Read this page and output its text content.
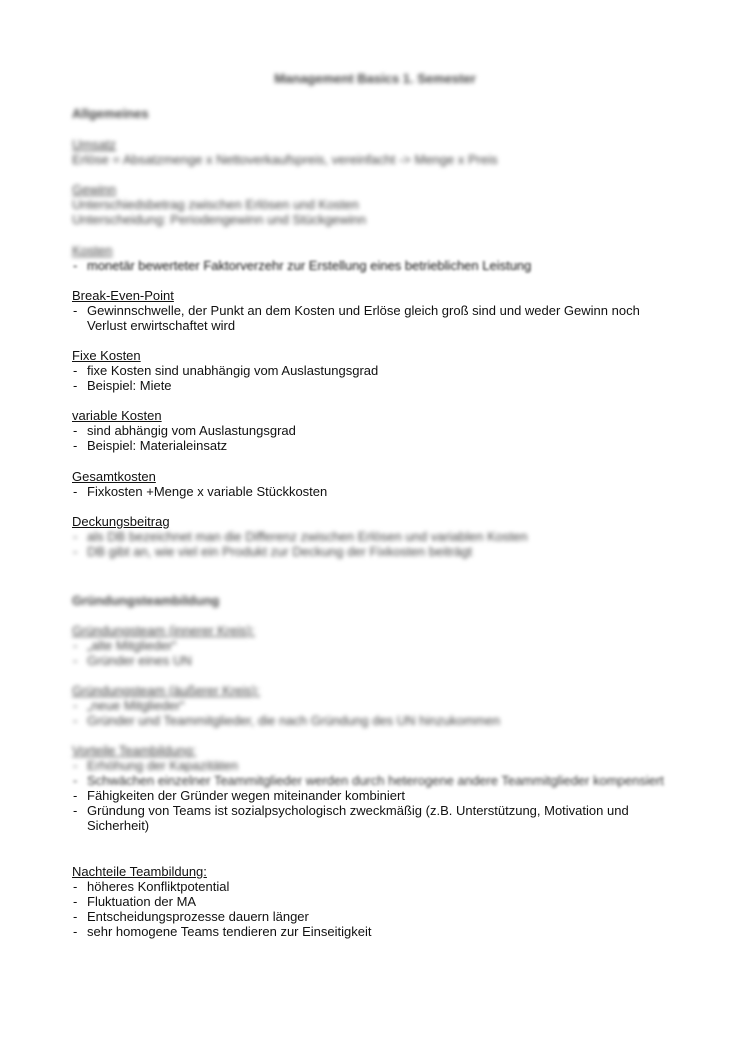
Management Basics 1. Semester
Allgemeines
Umsatz
Erlöse = Absatzmenge x Nettoverkaufspreis, vereinfacht -> Menge x Preis
Gewinn
Unterschiedsbetrag zwischen Erlösen und Kosten
Unterscheidung: Periodengewinn und Stückgewinn
Kosten
- monetär bewerteter Faktorverzehr zur Erstellung eines betrieblichen Leistung
Break-Even-Point
- Gewinnschwelle, der Punkt an dem Kosten und Erlöse gleich groß sind und weder Gewinn noch Verlust erwirtschaftet wird
Fixe Kosten
- fixe Kosten sind unabhängig vom Auslastungsgrad
- Beispiel: Miete
variable Kosten
- sind abhängig vom Auslastungsgrad
- Beispiel: Materialeinsatz
Gesamtkosten
- Fixkosten +Menge x variable Stückkosten
Deckungsbeitrag
- als DB bezeichnet man die Differenz zwischen Erlösen und variablen Kosten
- DB gibt an, wie viel ein Produkt zur Deckung der Fixkosten beiträgt
Gründungsteambildung
Gründungsteam (innerer Kreis):
- „alte Mitglieder“
- Gründer eines UN
Gründungsteam (äußerer Kreis):
- „neue Mitglieder“
- Gründer und Teammitglieder, die nach Gründung des UN hinzukommen
Vorteile Teambildung:
- Erhöhung der Kapazitäten
- Schwächen einzelner Teammitglieder werden durch heterogene andere Teammitglieder kompensiert
- Fähigkeiten der Gründer wegen miteinander kombiniert
- Gründung von Teams ist sozialpsychologisch zweckmäßig (z.B. Unterstützung, Motivation und Sicherheit)
Nachteile Teambildung:
- höheres Konfliktpotential
- Fluktuation der MA
- Entscheidungsprozesse dauern länger
- sehr homogene Teams tendieren zur Einseitigkeit
